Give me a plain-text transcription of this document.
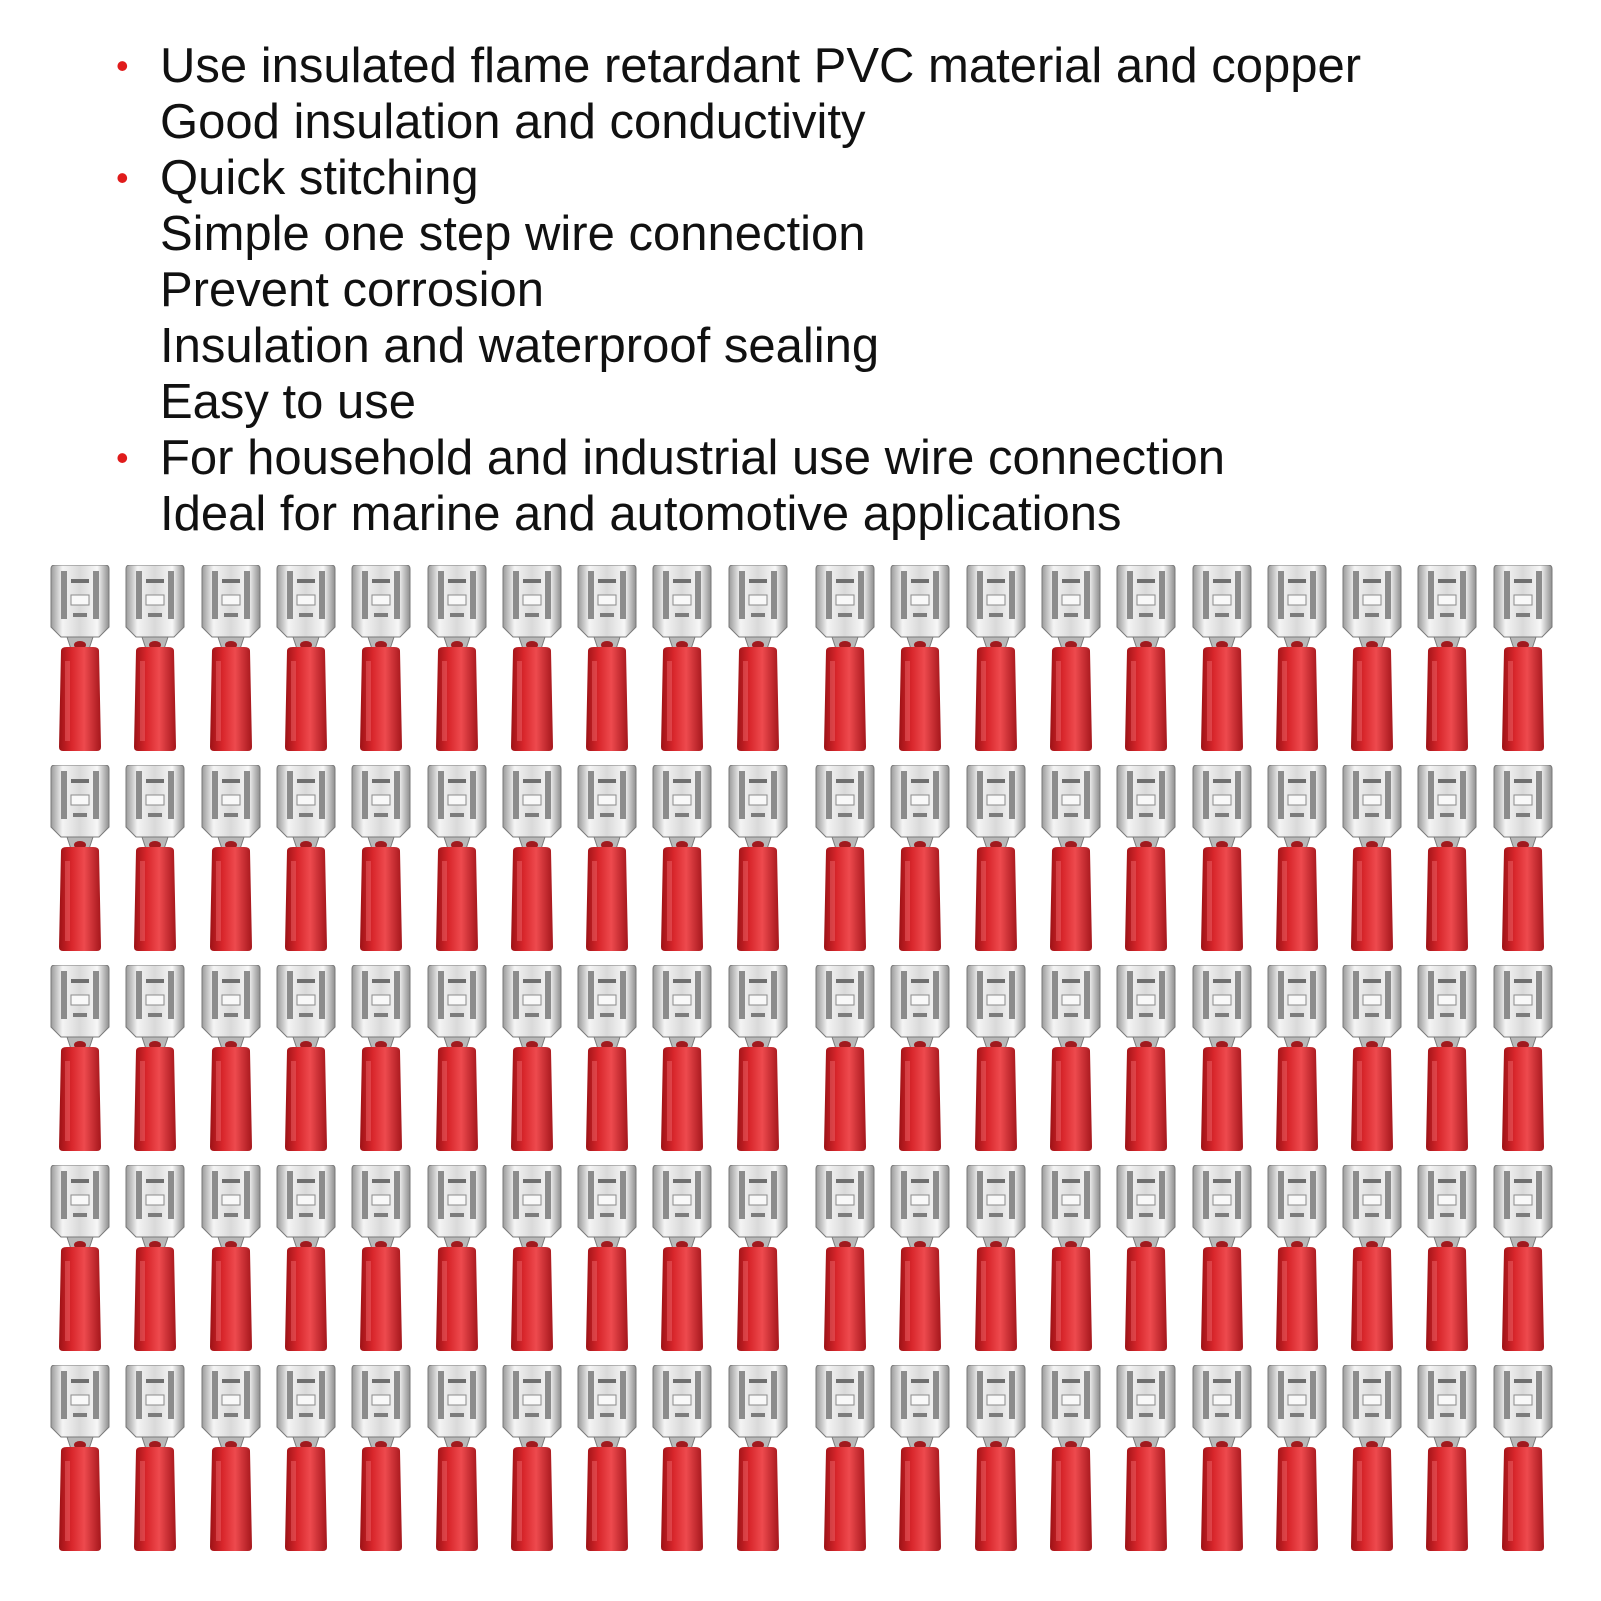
• Use insulated flame retardant PVC material and copper
Good insulation and conductivity
• Quick stitching
Simple one step wire connection
Prevent corrosion
Insulation and waterproof sealing
Easy to use
• For household and industrial use wire connection
Ideal for marine and automotive applications
